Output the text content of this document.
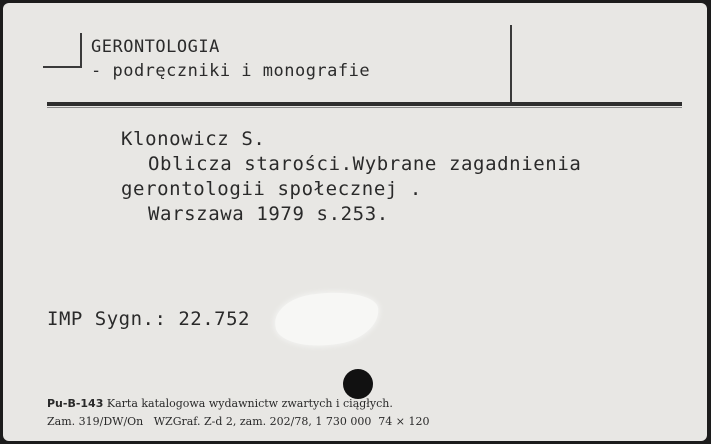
GERONTOLOGIA
- podręczniki i monografie
Klonowicz S.
Oblicza starości.Wybrane zagadnienia
gerontologii społecznej .
Warszawa 1979 s.253.
IMP Sygn.: 22.752
Pu-B-143 Karta katalogowa wydawnictw zwartych i ciągłych.
Zam. 319/DW/On   WZGraf. Z-d 2, zam. 202/78, 1 730 000  74 × 120
